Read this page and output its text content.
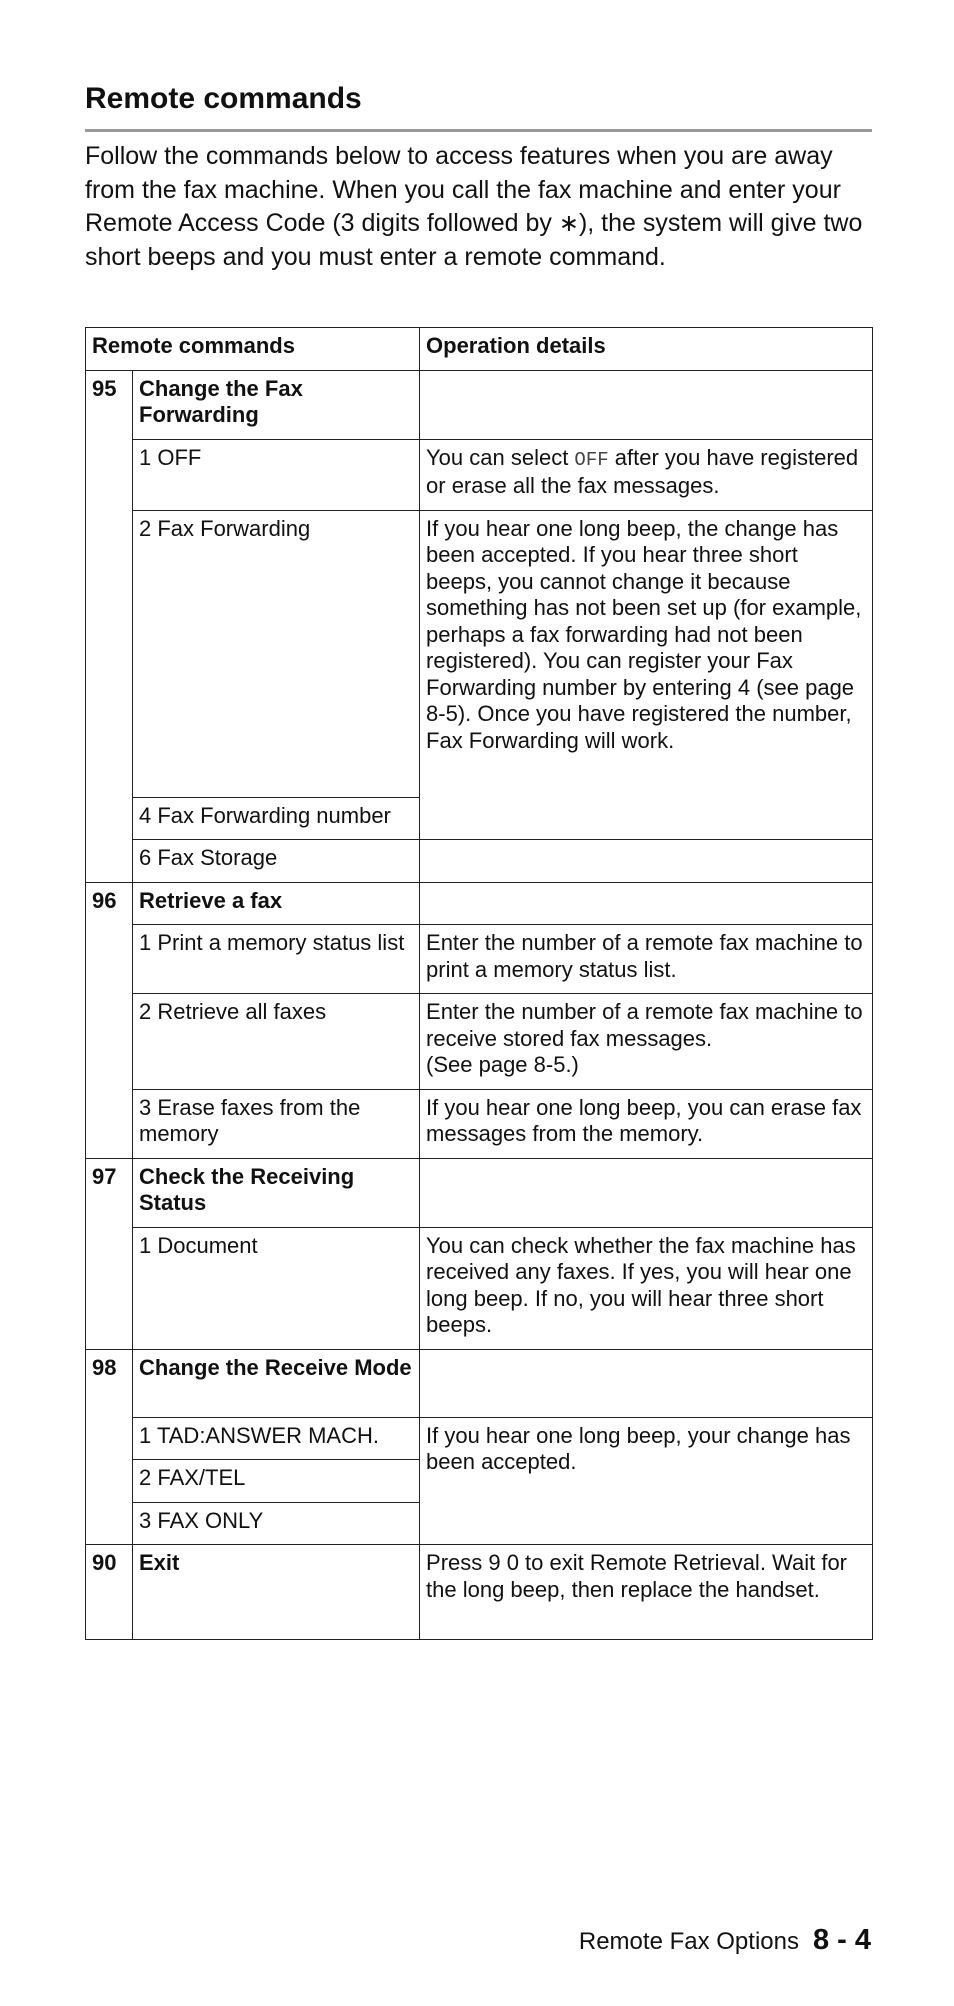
Remote commands

Follow the commands below to access features when you are away from the fax machine. When you call the fax machine and enter your Remote Access Code (3 digits followed by ∗), the system will give two short beeps and you must enter a remote command.

Remote commands		Operation details
95	Change the Fax Forwarding	
	1 OFF	You can select OFF after you have registered or erase all the fax messages.
	2 Fax Forwarding	If you hear one long beep, the change has been accepted. If you hear three short beeps, you cannot change it because something has not been set up (for example, perhaps a fax forwarding had not been registered). You can register your Fax Forwarding number by entering 4 (see page 8-5). Once you have registered the number, Fax Forwarding will work.
	4 Fax Forwarding number	
	6 Fax Storage	
96	Retrieve a fax	
	1 Print a memory status list	Enter the number of a remote fax machine to print a memory status list.
	2 Retrieve all faxes	Enter the number of a remote fax machine to receive stored fax messages.
(See page 8-5.)

	3 Erase faxes from the memory	If you hear one long beep, you can erase fax messages from the memory.
97	Check the Receiving Status	
	1 Document	You can check whether the fax machine has received any faxes. If yes, you will hear one long beep. If no, you will hear three short beeps.
98	Change the Receive Mode	
	1 TAD:ANSWER MACH.	If you hear one long beep, your change has been accepted.
	2 FAX/TEL	
	3 FAX ONLY	
90	Exit	Press 9 0 to exit Remote Retrieval. Wait for the long beep, then replace the handset.
Remote Fax Options 8 - 4
